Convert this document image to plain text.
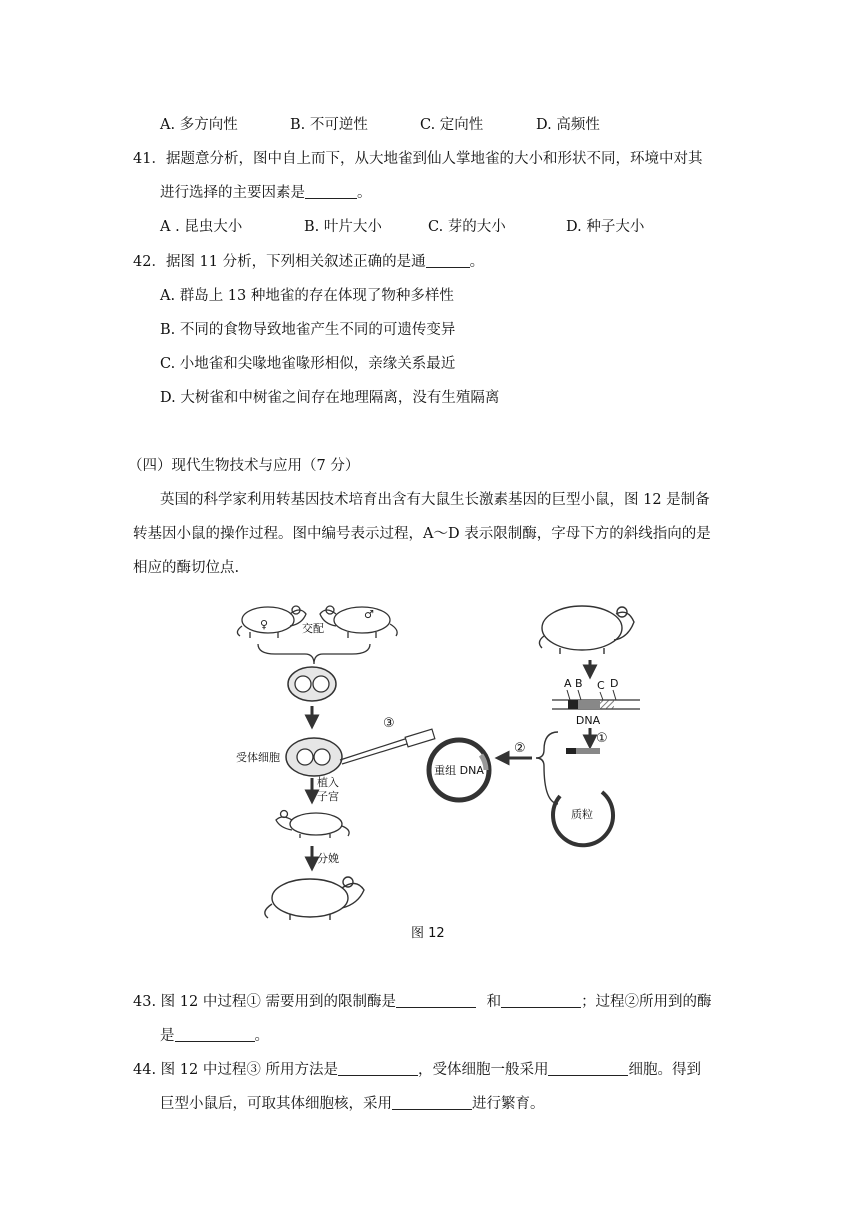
A. 多方向性	B. 不可逆性	C. 定向性	D. 高频性
41．据题意分析，图中自上而下，从大地雀到仙人掌地雀的大小和形状不同，环境中对其
进行选择的主要因素是	。
A . 昆虫大小	B. 叶片大小	C. 芽的大小	D. 种子大小
42．据图 11 分析，下列相关叙述正确的是通	。
A. 群岛上 13 种地雀的存在体现了物种多样性
B. 不同的食物导致地雀产生不同的可遗传变异
C. 小地雀和尖喙地雀喙形相似，亲缘关系最近
D. 大树雀和中树雀之间存在地理隔离，没有生殖隔离
（四）现代生物技术与应用（7 分）
英国的科学家利用转基因技术培育出含有大鼠生长激素基因的巨型小鼠，图 12 是制备
转基因小鼠的操作过程。图中编号表示过程，A～D 表示限制酶，字母下方的斜线指向的是
相应的酶切位点.
♀
♂
交配
受体细胞
③
植入
子宫
分娩
重组 DNA
②
质粒
A B C D
DNA
①
图 12
43. 图 12 中过程① 需要用到的限制酶是	和	；过程②所用到的酶
是	。
44. 图 12 中过程③ 所用方法是	，受体细胞一般采用	细胞。得到
巨型小鼠后，可取其体细胞核，采用	进行繁育。
